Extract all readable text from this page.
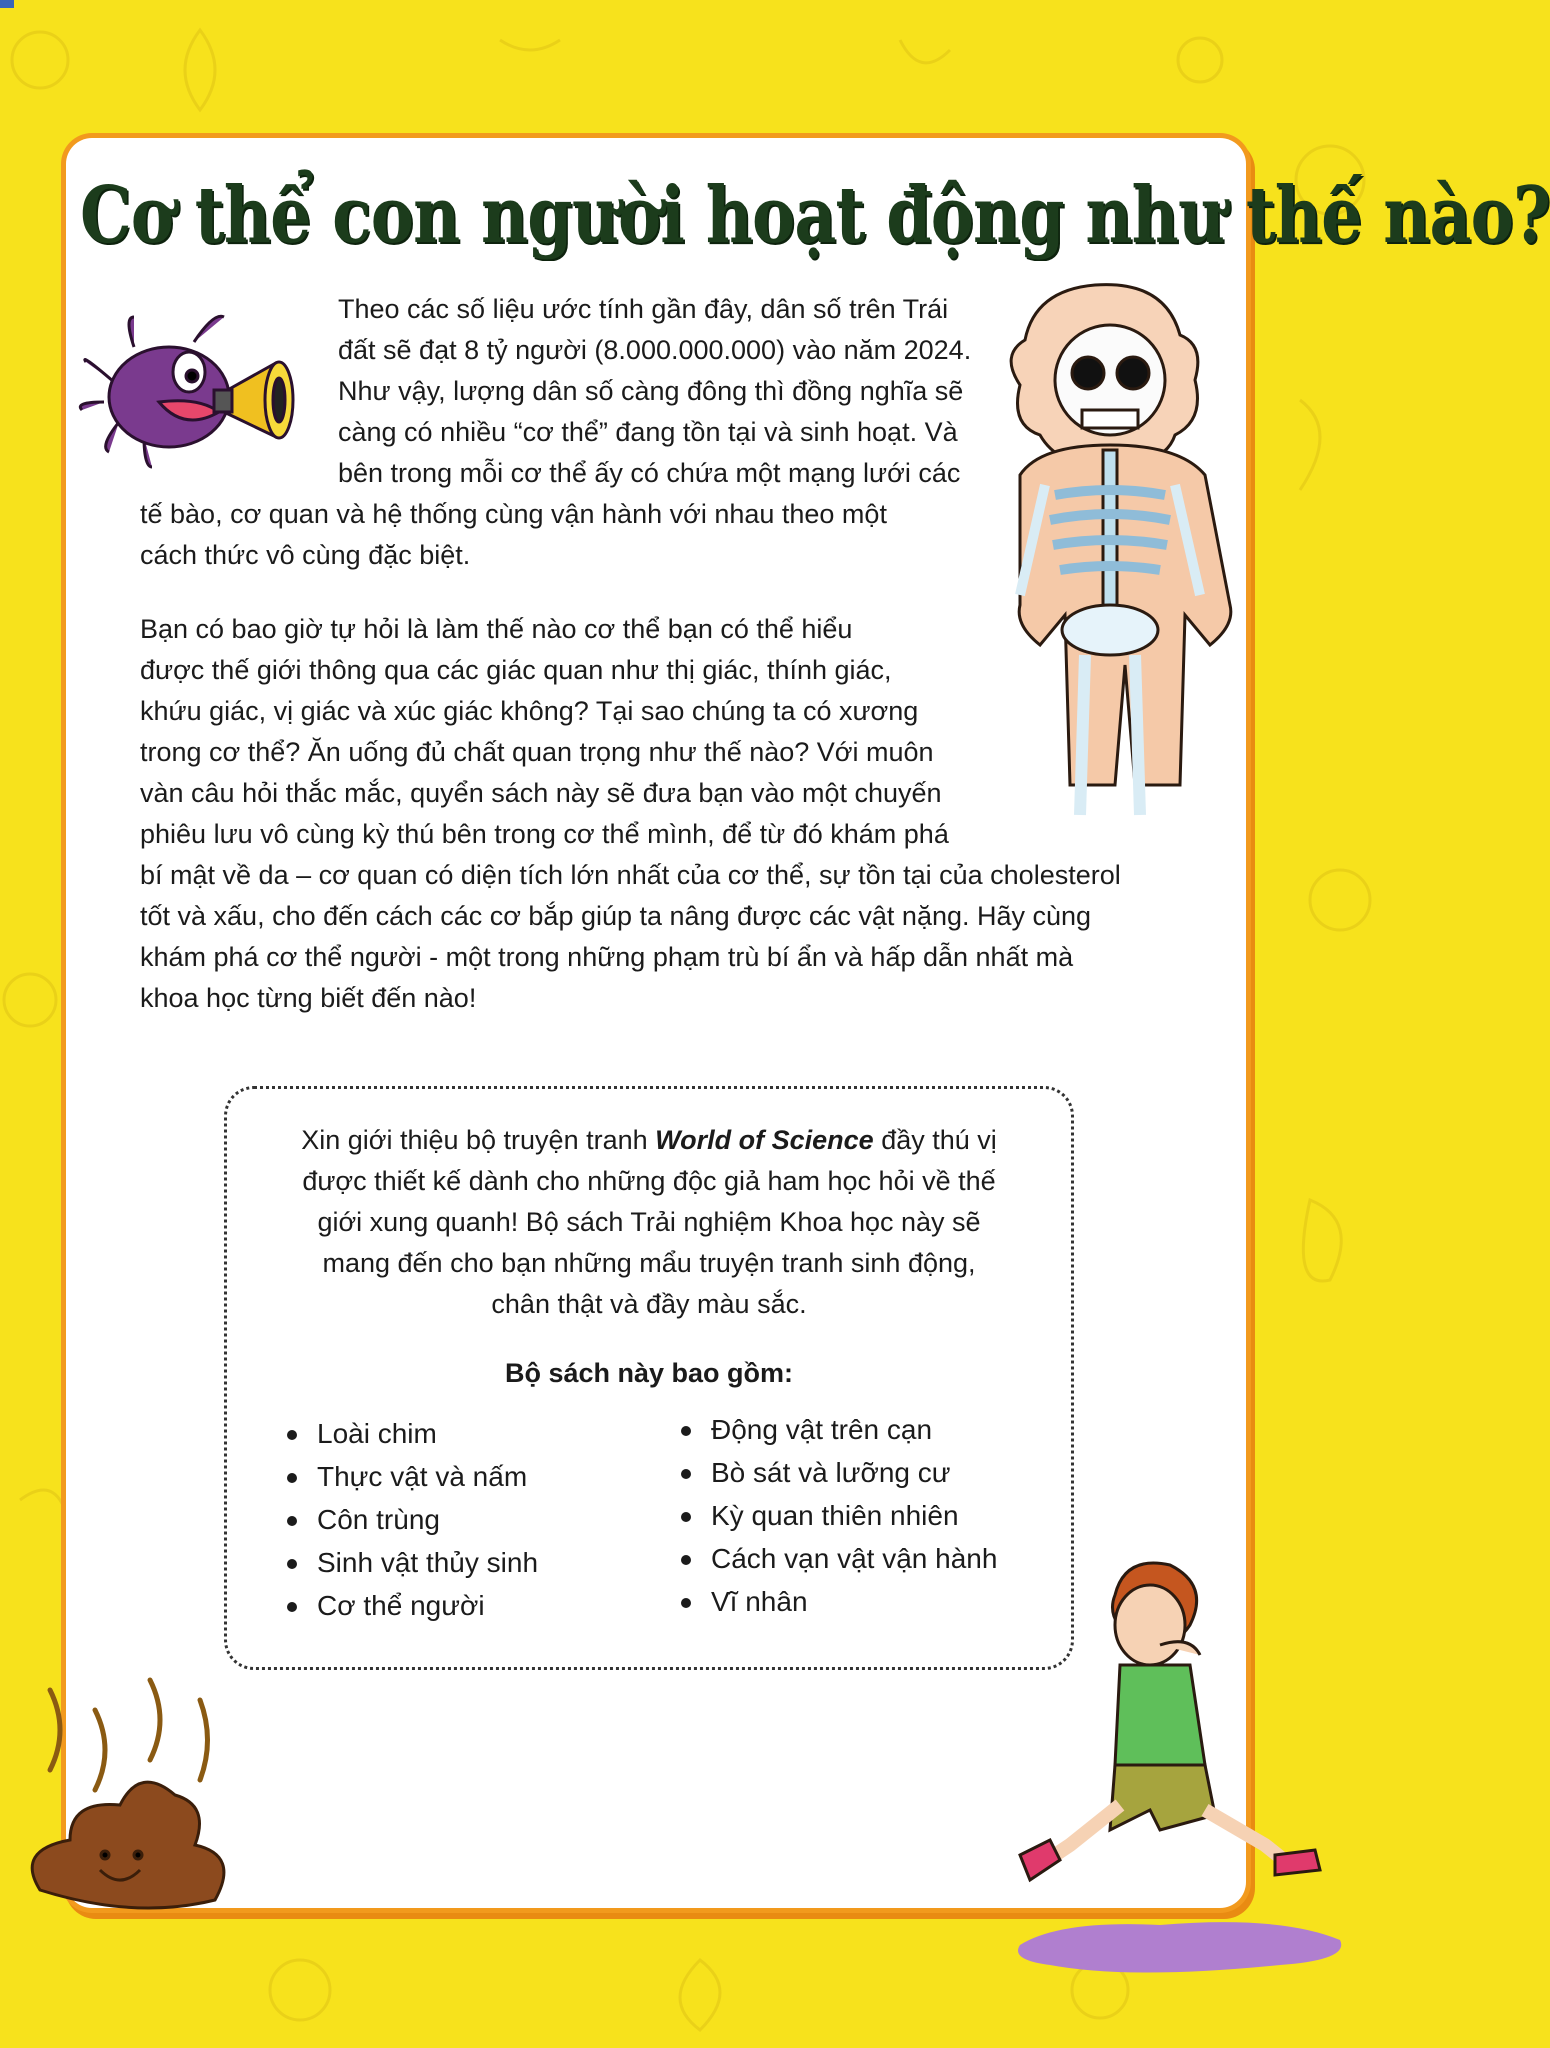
Cơ thể con người hoạt động như thế nào?

Theo các số liệu ước tính gần đây, dân số trên Trái
đất sẽ đạt 8 tỷ người (8.000.000.000) vào năm 2024.
Như vậy, lượng dân số càng đông thì đồng nghĩa sẽ
càng có nhiều “cơ thể” đang tồn tại và sinh hoạt. Và
bên trong mỗi cơ thể ấy có chứa một mạng lưới các
tế bào, cơ quan và hệ thống cùng vận hành với nhau theo một
cách thức vô cùng đặc biệt.

Bạn có bao giờ tự hỏi là làm thế nào cơ thể bạn có thể hiểu
được thế giới thông qua các giác quan như thị giác, thính giác,
khứu giác, vị giác và xúc giác không? Tại sao chúng ta có xương
trong cơ thể? Ăn uống đủ chất quan trọng như thế nào? Với muôn
vàn câu hỏi thắc mắc, quyển sách này sẽ đưa bạn vào một chuyến
phiêu lưu vô cùng kỳ thú bên trong cơ thể mình, để từ đó khám phá
bí mật về da – cơ quan có diện tích lớn nhất của cơ thể, sự tồn tại của cholesterol
tốt và xấu, cho đến cách các cơ bắp giúp ta nâng được các vật nặng. Hãy cùng
khám phá cơ thể người - một trong những phạm trù bí ẩn và hấp dẫn nhất mà
khoa học từng biết đến nào!

Xin giới thiệu bộ truyện tranh World of Science đầy thú vị
được thiết kế dành cho những độc giả ham học hỏi về thế
giới xung quanh! Bộ sách Trải nghiệm Khoa học này sẽ
mang đến cho bạn những mẩu truyện tranh sinh động,
chân thật và đầy màu sắc.

Bộ sách này bao gồm:

Loài chim
Thực vật và nấm
Côn trùng
Sinh vật thủy sinh
Cơ thể người
Động vật trên cạn
Bò sát và lưỡng cư
Kỳ quan thiên nhiên
Cách vạn vật vận hành
Vĩ nhân
